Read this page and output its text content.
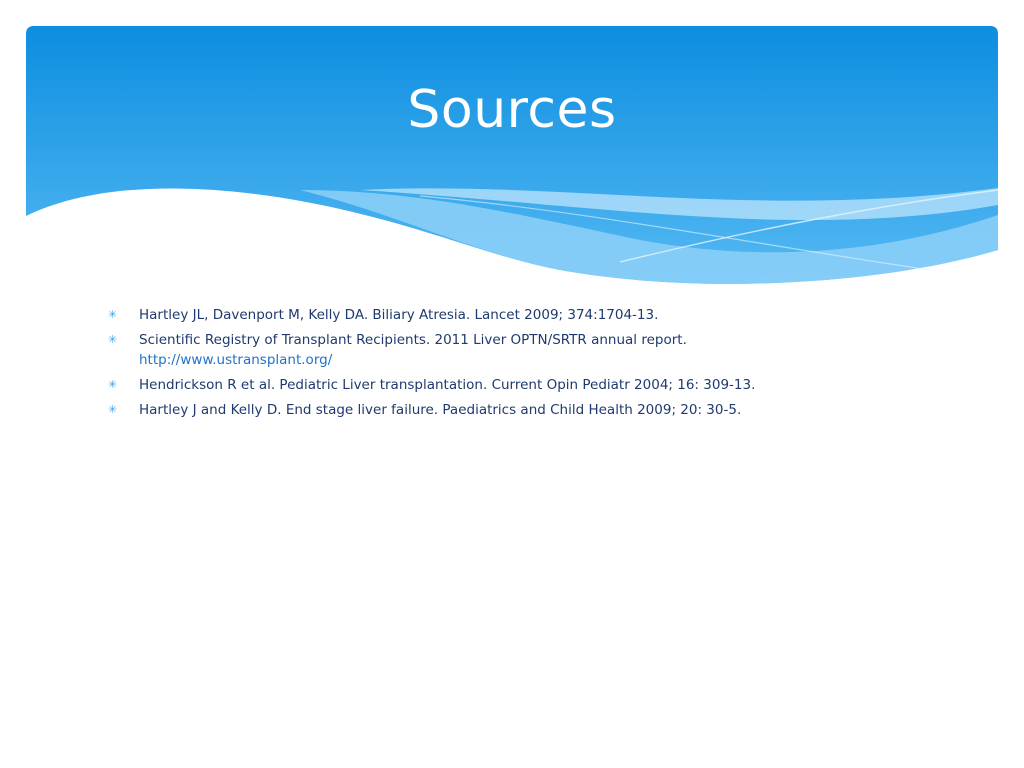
Sources
✳ Hartley JL, Davenport M, Kelly DA. Biliary Atresia. Lancet 2009; 374:1704-13.
✳ Scientific Registry of Transplant Recipients. 2011 Liver OPTN/SRTR annual report.
http://www.ustransplant.org/
✳ Hendrickson R et al. Pediatric Liver transplantation. Current Opin Pediatr 2004; 16: 309-13.
✳ Hartley J and Kelly D. End stage liver failure. Paediatrics and Child Health 2009; 20: 30-5.
